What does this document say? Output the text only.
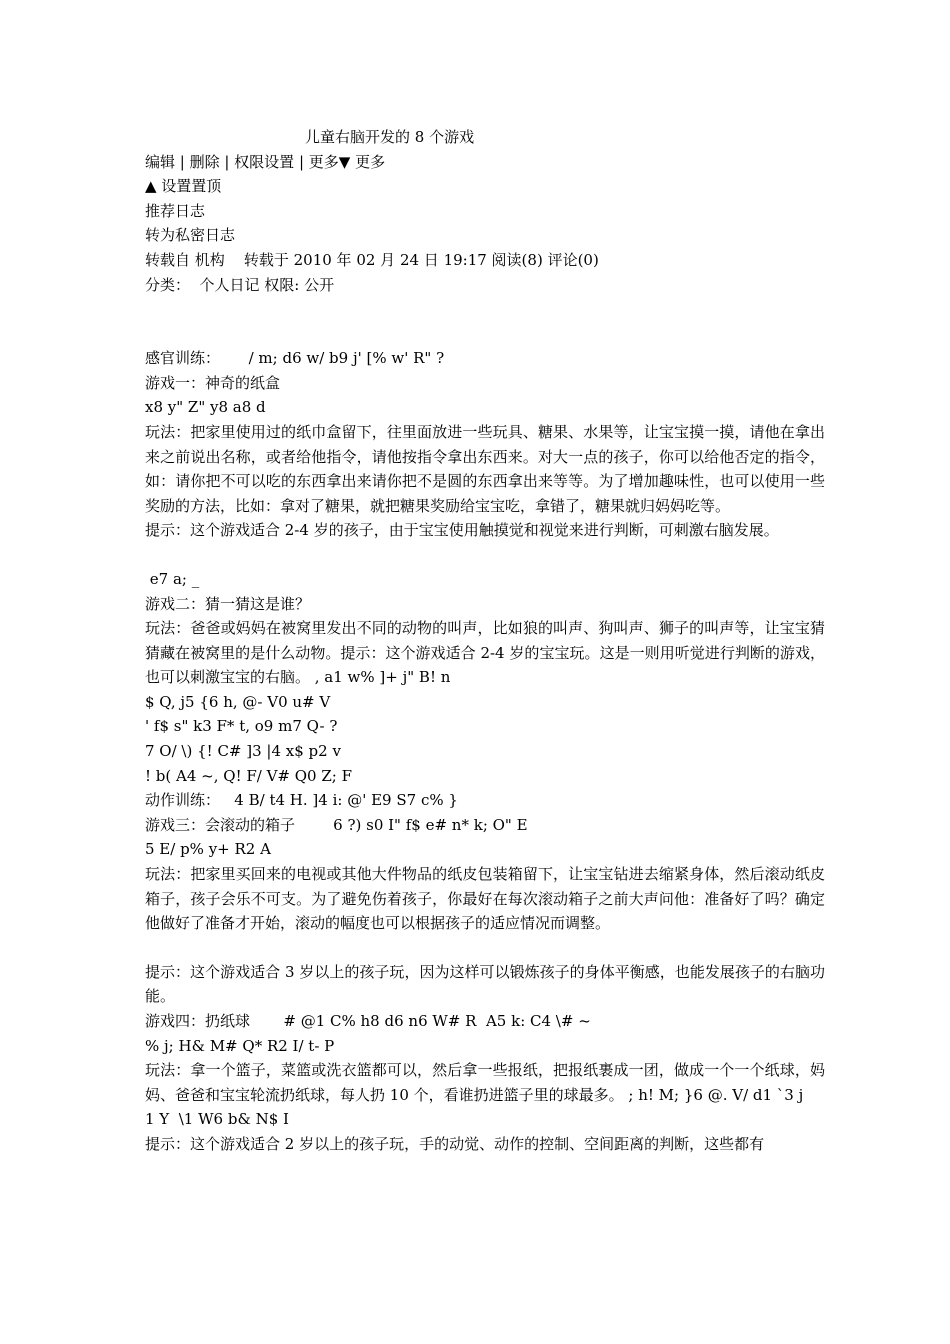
儿童右脑开发的 8 个游戏
编辑 | 删除 | 权限设置 | 更多▼ 更多
▲ 设置置顶
推荐日志
转为私密日志
转载自 机构    转载于 2010 年 02 月 24 日 19:17 阅读(8) 评论(0)
分类：  个人日记 权限: 公开
感官训练：      / m; d6 w/ b9 j' [% w' R" ?
游戏一：神奇的纸盒
x8 y" Z" y8 a8 d
玩法：把家里使用过的纸巾盒留下，往里面放进一些玩具、糖果、水果等，让宝宝摸一摸，请他在拿出来之前说出名称，或者给他指令，请他按指令拿出东西来。对大一点的孩子，你可以给他否定的指令，如：请你把不可以吃的东西拿出来请你把不是圆的东西拿出来等等。为了增加趣味性，也可以使用一些奖励的方法，比如：拿对了糖果，就把糖果奖励给宝宝吃，拿错了，糖果就归妈妈吃等。
提示：这个游戏适合 2-4 岁的孩子，由于宝宝使用触摸觉和视觉来进行判断，可刺激右脑发展。
e7 a; _
游戏二：猜一猜这是谁？
玩法：爸爸或妈妈在被窝里发出不同的动物的叫声，比如狼的叫声、狗叫声、狮子的叫声等，让宝宝猜猜藏在被窝里的是什么动物。提示：这个游戏适合 2-4 岁的宝宝玩。这是一则用听觉进行判断的游戏，也可以刺激宝宝的右脑。 , a1 w% ]+ j" B! n
$ Q, j5 {6 h, @- V0 u# V
' f$ s" k3 F* t, o9 m7 Q- ?
7 O/ \) {! C# ]3 |4 x$ p2 v
! b( A4 ~, Q! F/ V# Q0 Z; F
动作训练：   4 B/ t4 H. ]4 i: @' E9 S7 c% }
游戏三：会滚动的箱子        6 ?) s0 I" f$ e# n* k; O" E
5 E/ p% y+ R2 A
玩法：把家里买回来的电视或其他大件物品的纸皮包装箱留下，让宝宝钻进去缩紧身体，然后滚动纸皮箱子，孩子会乐不可支。为了避免伤着孩子，你最好在每次滚动箱子之前大声问他：准备好了吗？确定他做好了准备才开始，滚动的幅度也可以根据孩子的适应情况而调整。
提示：这个游戏适合 3 岁以上的孩子玩，因为这样可以锻炼孩子的身体平衡感，也能发展孩子的右脑功能。
游戏四：扔纸球       # @1 C% h8 d6 n6 W# R  A5 k: C4 \# ~
% j; H& M# Q* R2 I/ t- P
玩法：拿一个篮子，菜篮或洗衣篮都可以，然后拿一些报纸，把报纸裹成一团，做成一个一个纸球，妈妈、爸爸和宝宝轮流扔纸球，每人扔 10 个，看谁扔进篮子里的球最多。 ; h! M; }6 @. V/ d1 `3 j
1 Y  \1 W6 b& N$ I
提示：这个游戏适合 2 岁以上的孩子玩，手的动觉、动作的控制、空间距离的判断，这些都有
